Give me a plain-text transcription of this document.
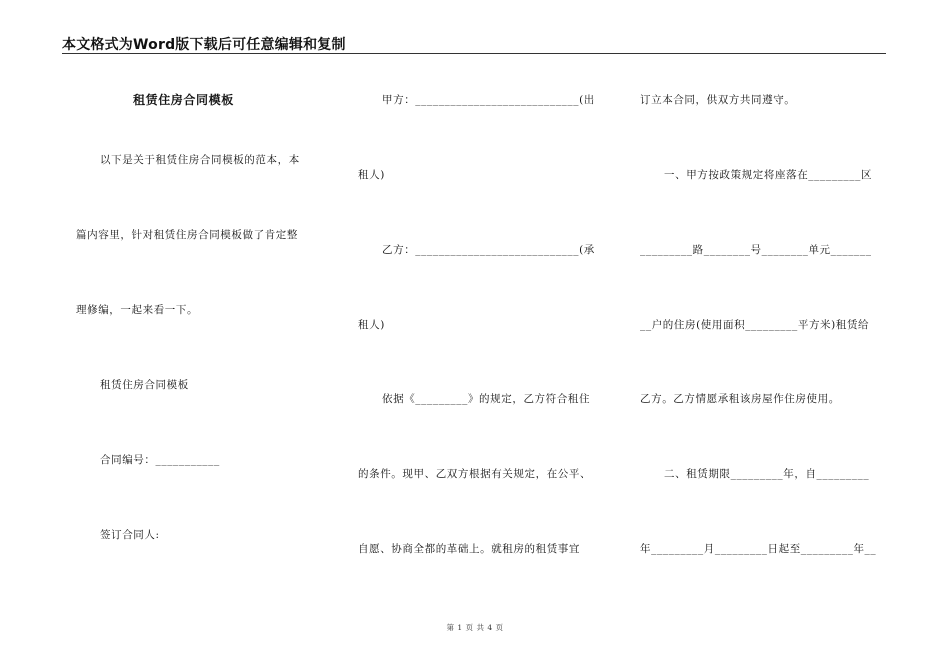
本文格式为Word版下载后可任意编辑和复制
租赁住房合同模板
以下是关于租赁住房合同模板的范本，本
篇内容里，针对租赁住房合同模板做了肯定整
理修编，一起来看一下。
租赁住房合同模板
合同编号：___________
签订合同人:
甲方：____________________________(出
租人)
乙方：____________________________(承
租人)
依据《_________》的规定，乙方符合租住
的条件。现甲、乙双方根据有关规定，在公平、
自愿、协商全都的革础上。就租房的租赁事宜
订立本合同，供双方共同遵守。
一、甲方按政策规定将座落在_________区
_________路________号________单元_______
__户的住房(使用面积_________平方米)租赁给
乙方。乙方情愿承租该房屋作住房使用。
二、租赁期限_________年，自_________
年_________月_________日起至_________年__
第 1 页 共 4 页
